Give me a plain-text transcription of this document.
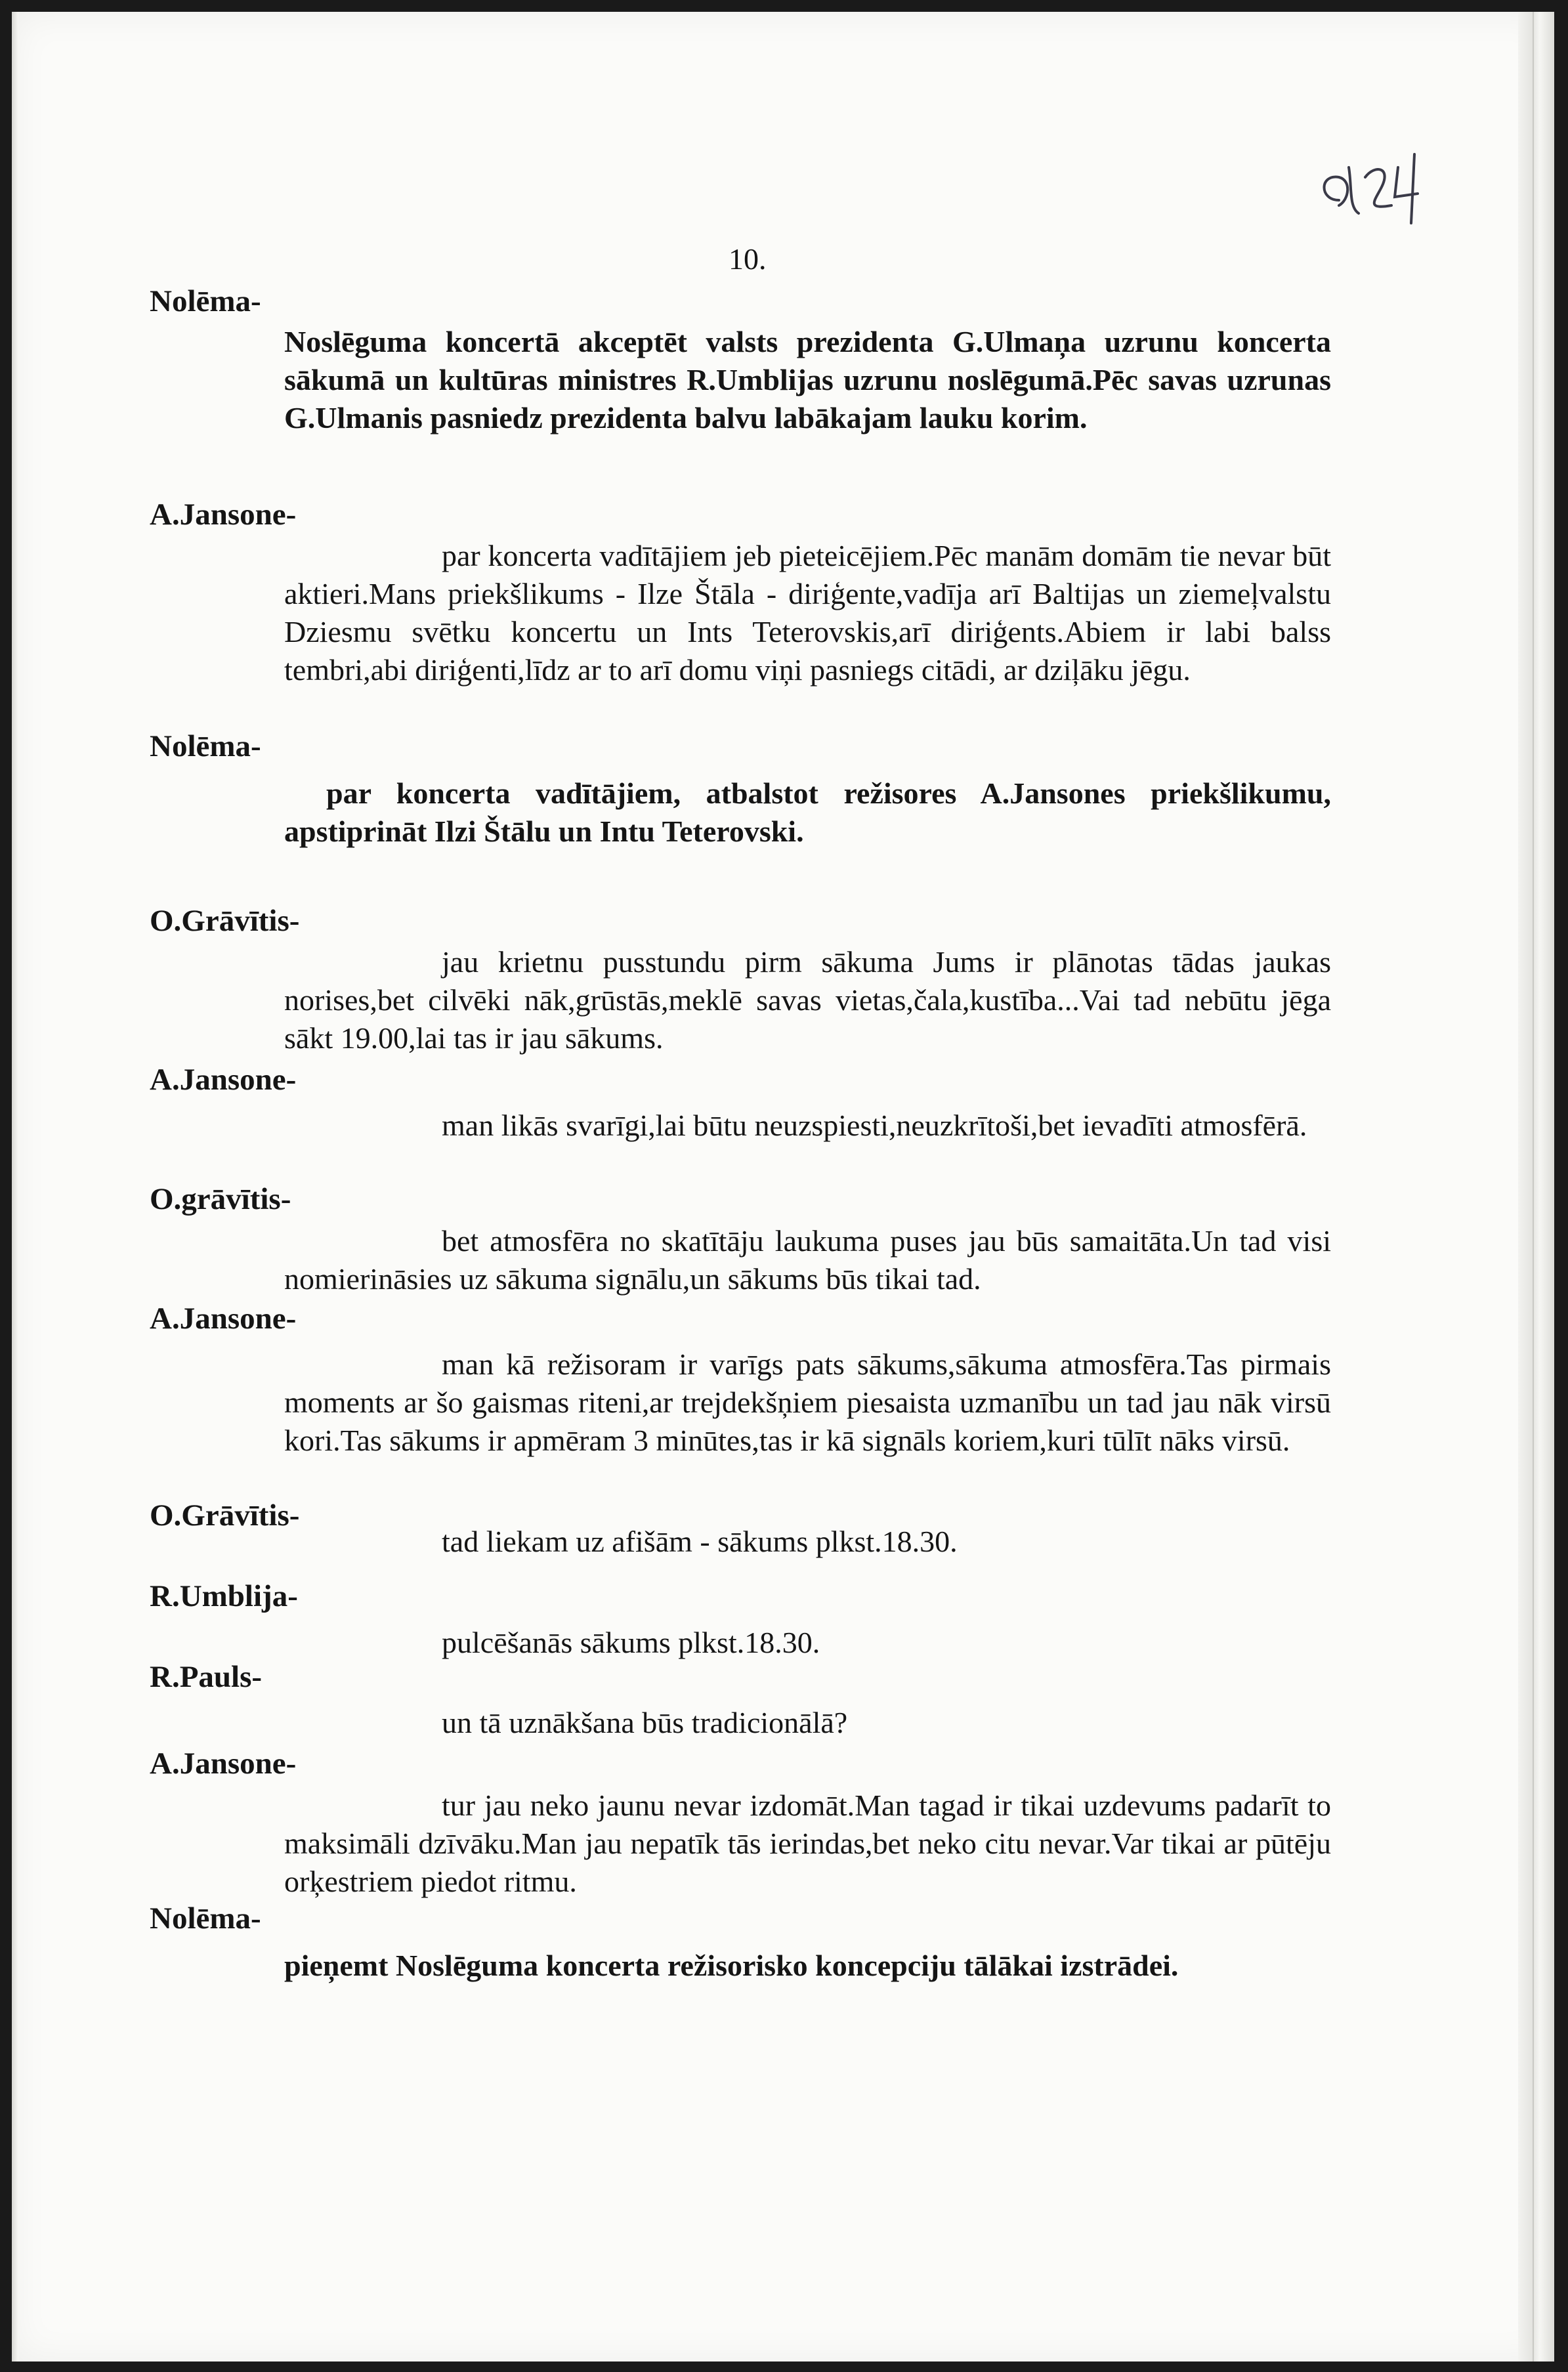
10.
Nolēma-
Noslēguma koncertā akceptēt valsts prezidenta G.Ulmaņa uzrunu koncerta sākumā un kultūras ministres R.Umblijas uzrunu noslēgumā.Pēc savas uzrunas G.Ulmanis pasniedz prezidenta balvu labākajam lauku korim.
A.Jansone-
par koncerta vadītājiem jeb pieteicējiem.Pēc manām domām tie nevar būt aktieri.Mans priekšlikums - Ilze Štāla - diriģente,vadīja arī Baltijas un ziemeļvalstu Dziesmu svētku koncertu un Ints Teterovskis,arī diriģents.Abiem ir labi balss tembri,abi diriģenti,līdz ar to arī domu viņi pasniegs citādi, ar dziļāku jēgu.
Nolēma-
par koncerta vadītājiem, atbalstot režisores A.Jansones priekšlikumu, apstiprināt Ilzi Štālu un Intu Teterovski.
O.Grāvītis-
jau krietnu pusstundu pirm sākuma Jums ir plānotas tādas jaukas norises,bet cilvēki nāk,grūstās,meklē savas vietas,čala,kustība...Vai tad nebūtu jēga sākt 19.00,lai tas ir jau sākums.
A.Jansone-
man likās svarīgi,lai būtu neuzspiesti,neuzkrītoši,bet ievadīti atmosfērā.
O.grāvītis-
bet atmosfēra no skatītāju laukuma puses jau būs samaitāta.Un tad visi nomierināsies uz sākuma signālu,un sākums būs tikai tad.
A.Jansone-
man kā režisoram ir varīgs pats sākums,sākuma atmosfēra.Tas pirmais moments ar šo gaismas riteni,ar trejdekšņiem piesaista uzmanību un tad jau nāk virsū kori.Tas sākums ir apmēram 3 minūtes,tas ir kā signāls koriem,kuri tūlīt nāks virsū.
O.Grāvītis-
tad liekam uz afišām - sākums plkst.18.30.
R.Umblija-
pulcēšanās sākums plkst.18.30.
R.Pauls-
un tā uznākšana būs tradicionālā?
A.Jansone-
tur jau neko jaunu nevar izdomāt.Man tagad ir tikai uzdevums padarīt to maksimāli dzīvāku.Man jau nepatīk tās ierindas,bet neko citu nevar.Var tikai ar pūtēju orķestriem piedot ritmu.
Nolēma-
pieņemt Noslēguma koncerta režisorisko koncepciju tālākai izstrādei.
